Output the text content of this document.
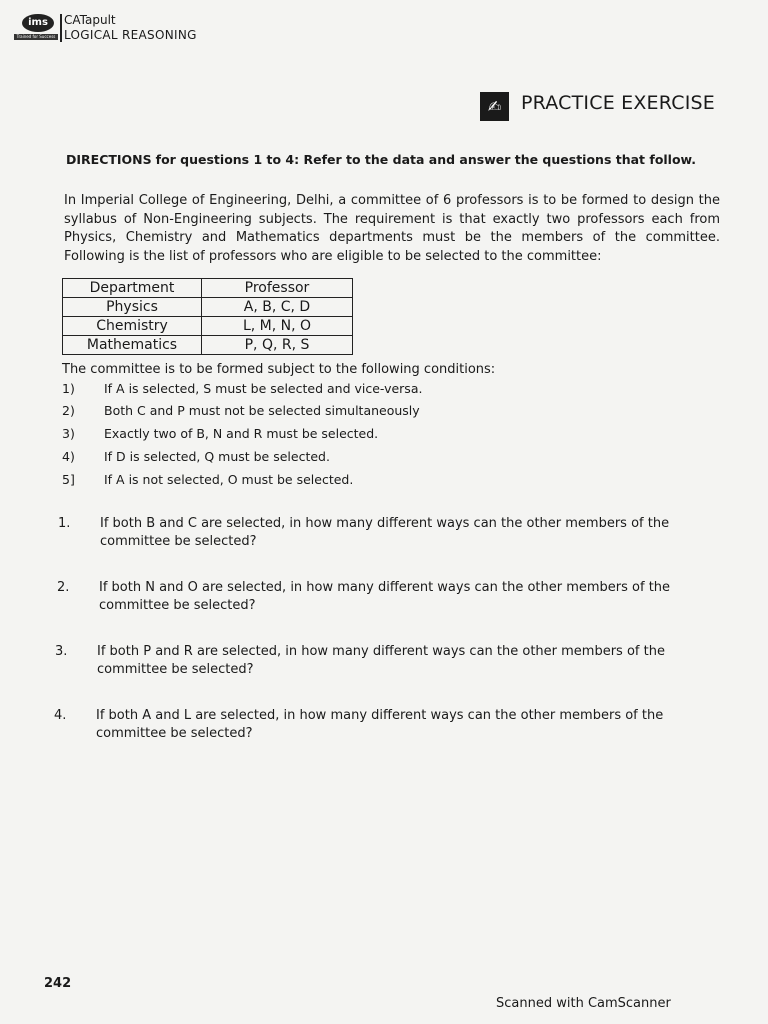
ims
Trained for Success
CATapult
LOGICAL REASONING
✍	PRACTICE EXERCISE
DIRECTIONS for questions 1 to 4: Refer to the data and answer the questions that follow.
In Imperial College of Engineering, Delhi, a committee of 6 professors is to be formed to design the syllabus of Non-Engineering subjects. The requirement is that exactly two professors each from Physics, Chemistry and Mathematics departments must be the members of the committee. Following is the list of professors who are eligible to be selected to the committee:
Department	Professor
Physics	A, B, C, D
Chemistry	L, M, N, O
Mathematics	P, Q, R, S
The committee is to be formed subject to the following conditions:
1) If A is selected, S must be selected and vice-versa.
2) Both C and P must not be selected simultaneously
3) Exactly two of B, N and R must be selected.
4) If D is selected, Q must be selected.
5] If A is not selected, O must be selected.
1. If both B and C are selected, in how many different ways can the other members of the committee be selected?
2. If both N and O are selected, in how many different ways can the other members of the committee be selected?
3. If both P and R are selected, in how many different ways can the other members of the committee be selected?
4. If both A and L are selected, in how many different ways can the other members of the committee be selected?
242
Scanned with CamScanner
